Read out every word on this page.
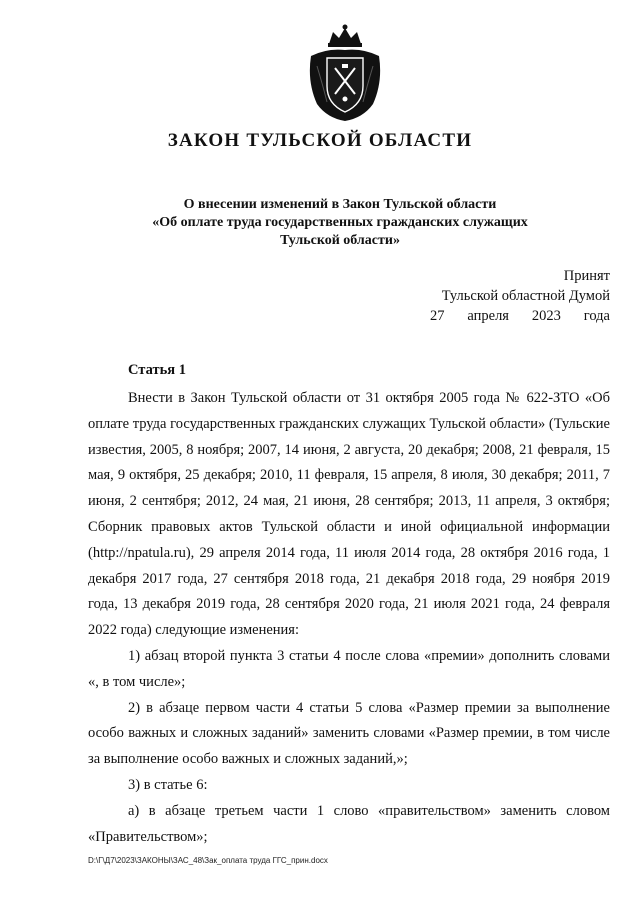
ЗАКОН ТУЛЬСКОЙ ОБЛАСТИ
О внесении изменений в Закон Тульской области
«Об оплате труда государственных гражданских служащих
Тульской области»
Принят
Тульской областной Думой
27 апреля 2023 года
Статья 1

Внести в Закон Тульской области от 31 октября 2005 года № 622-ЗТО «Об оплате труда государственных гражданских служащих Тульской области» (Тульские известия, 2005, 8 ноября; 2007, 14 июня, 2 августа, 20 декабря; 2008, 21 февраля, 15 мая, 9 октября, 25 декабря; 2010, 11 февраля, 15 апреля, 8 июля, 30 декабря; 2011, 7 июня, 2 сентября; 2012, 24 мая, 21 июня, 28 сентября; 2013, 11 апреля, 3 октября; Сборник правовых актов Тульской области и иной официальной информации (http://npatula.ru), 29 апреля 2014 года, 11 июля 2014 года, 28 октября 2016 года, 1 декабря 2017 года, 27 сентября 2018 года, 21 декабря 2018 года, 29 ноября 2019 года, 13 декабря 2019 года, 28 сентября 2020 года, 21 июля 2021 года, 24 февраля 2022 года) следующие изменения:

1) абзац второй пункта 3 статьи 4 после слова «премии» дополнить словами «, в том числе»;

2) в абзаце первом части 4 статьи 5 слова «Размер премии за выполнение особо важных и сложных заданий» заменить словами «Размер премии, в том числе за выполнение особо важных и сложных заданий,»;

3) в статье 6:

а) в абзаце третьем части 1 слово «правительством» заменить словом «Правительством»;

D:\Г\Д7\2023\ЗАКОНЫ\ЗАС_48\Зак_оплата труда ГГС_прин.docx
